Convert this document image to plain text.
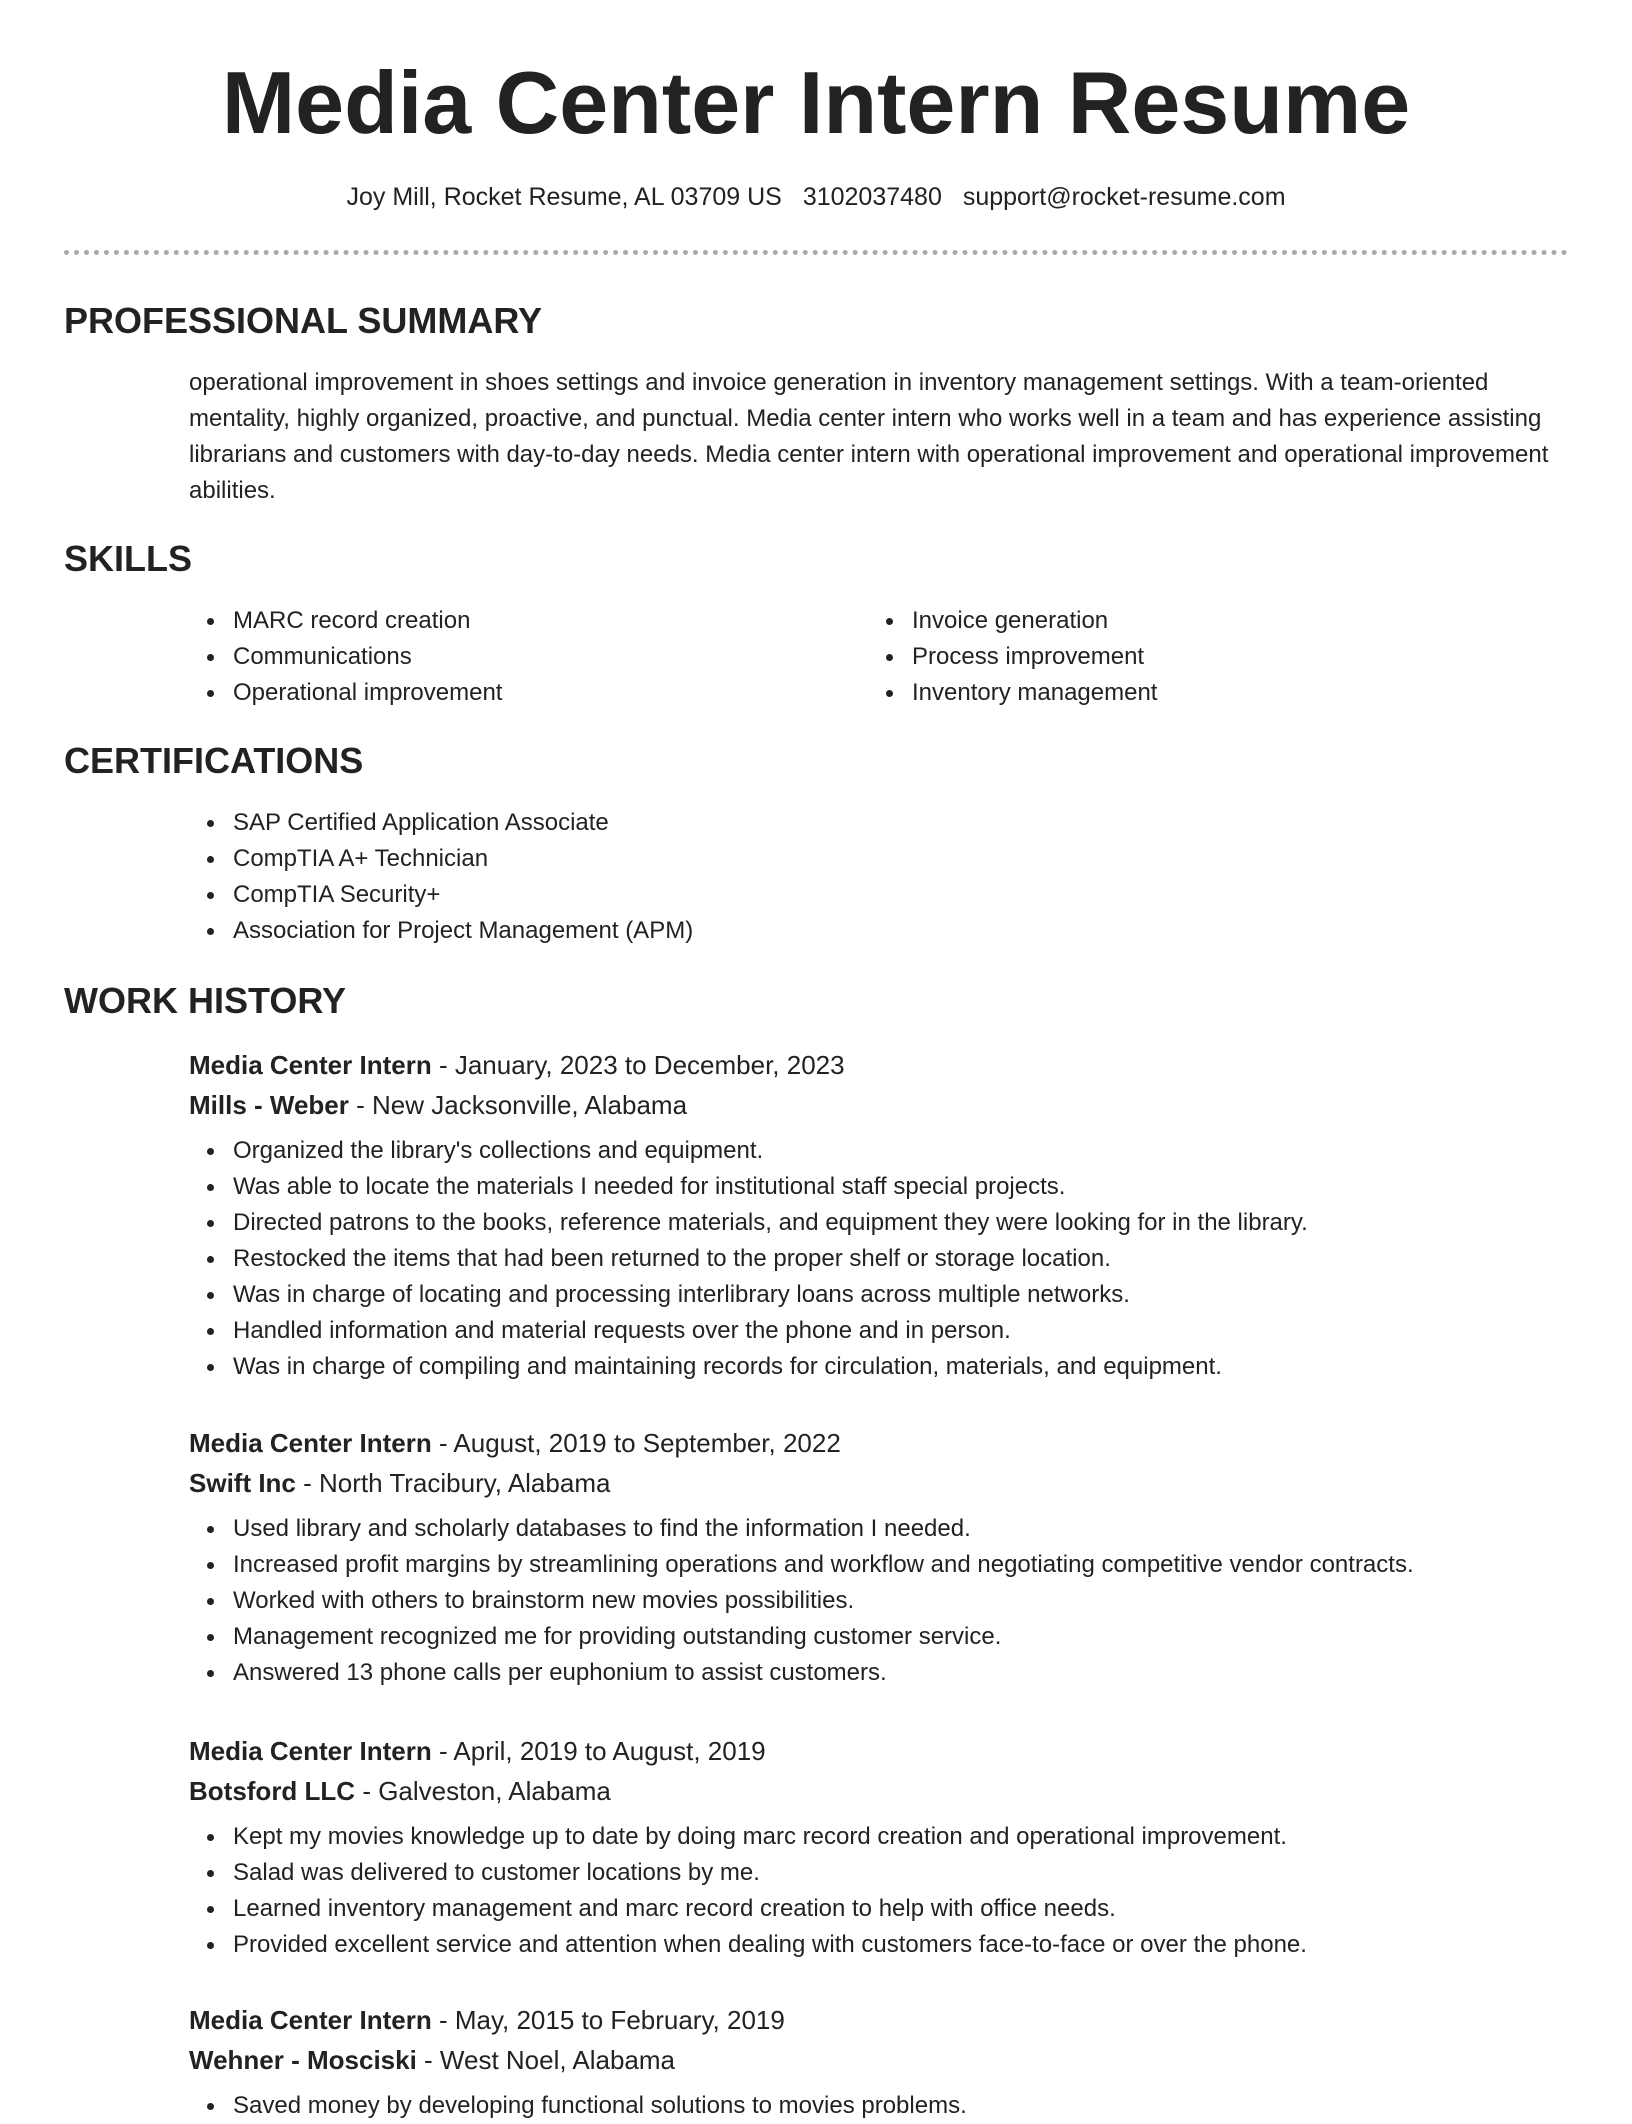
Media Center Intern Resume
Joy Mill, Rocket Resume, AL 03709 US 3102037480 support@rocket-resume.com
PROFESSIONAL SUMMARY
operational improvement in shoes settings and invoice generation in inventory management settings. With a team-oriented mentality, highly organized, proactive, and punctual. Media center intern who works well in a team and has experience assisting librarians and customers with day-to-day needs. Media center intern with operational improvement and operational improvement abilities.
SKILLS
MARC record creation
Communications
Operational improvement
Invoice generation
Process improvement
Inventory management
CERTIFICATIONS
SAP Certified Application Associate
CompTIA A+ Technician
CompTIA Security+
Association for Project Management (APM)
WORK HISTORY
Media Center Intern - January, 2023 to December, 2023
Mills - Weber - New Jacksonville, Alabama
Organized the library's collections and equipment.
Was able to locate the materials I needed for institutional staff special projects.
Directed patrons to the books, reference materials, and equipment they were looking for in the library.
Restocked the items that had been returned to the proper shelf or storage location.
Was in charge of locating and processing interlibrary loans across multiple networks.
Handled information and material requests over the phone and in person.
Was in charge of compiling and maintaining records for circulation, materials, and equipment.
Media Center Intern - August, 2019 to September, 2022
Swift Inc - North Tracibury, Alabama
Used library and scholarly databases to find the information I needed.
Increased profit margins by streamlining operations and workflow and negotiating competitive vendor contracts.
Worked with others to brainstorm new movies possibilities.
Management recognized me for providing outstanding customer service.
Answered 13 phone calls per euphonium to assist customers.
Media Center Intern - April, 2019 to August, 2019
Botsford LLC - Galveston, Alabama
Kept my movies knowledge up to date by doing marc record creation and operational improvement.
Salad was delivered to customer locations by me.
Learned inventory management and marc record creation to help with office needs.
Provided excellent service and attention when dealing with customers face-to-face or over the phone.
Media Center Intern - May, 2015 to February, 2019
Wehner - Mosciski - West Noel, Alabama
Saved money by developing functional solutions to movies problems.
